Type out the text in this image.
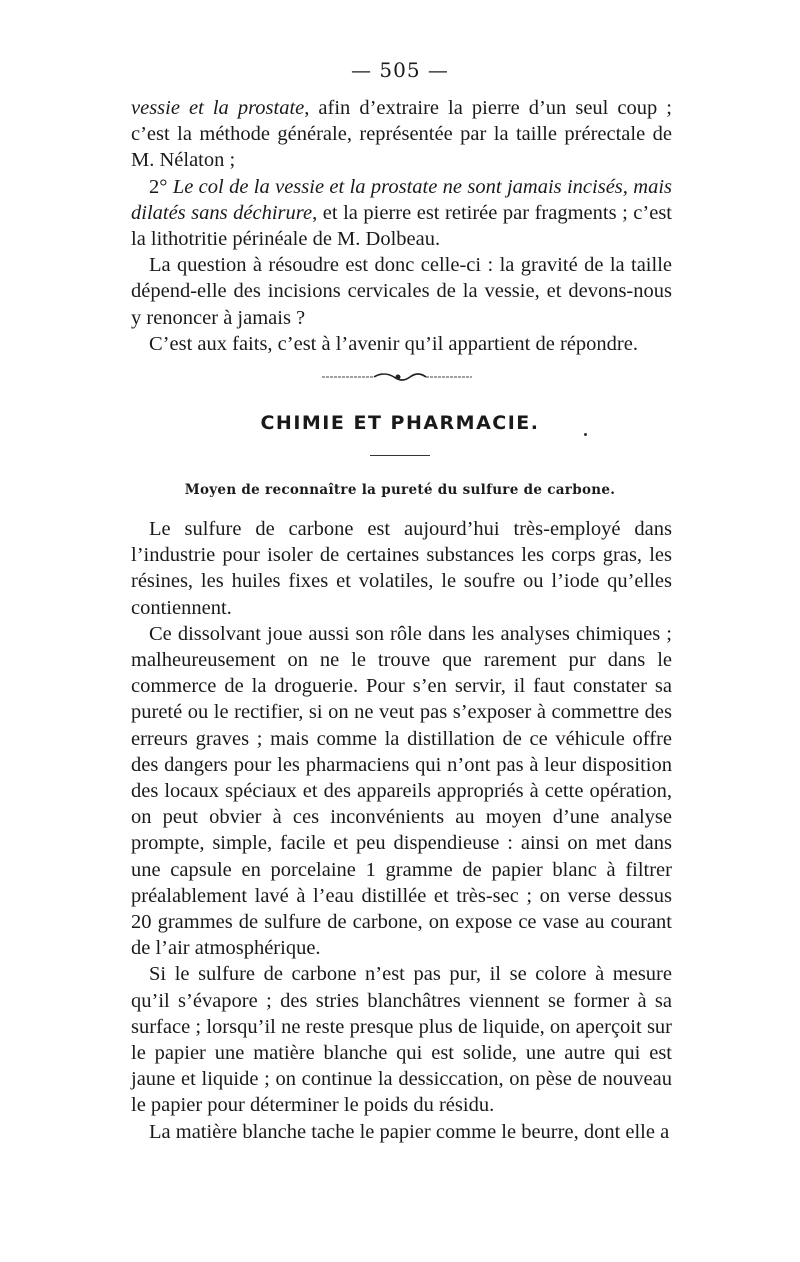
— 505 —

vessie et la prostate, afin d’extraire la pierre d’un seul coup ; c’est la méthode générale, représentée par la taille prérectale de M. Nélaton ;

2° Le col de la vessie et la prostate ne sont jamais incisés, mais dilatés sans déchirure, et la pierre est retirée par fragments ; c’est la lithotritie périnéale de M. Dolbeau.

La question à résoudre est donc celle-ci : la gravité de la taille dépend-elle des incisions cervicales de la vessie, et devons-nous y renoncer à jamais ?

C’est aux faits, c’est à l’avenir qu’il appartient de répondre.

CHIMIE ET PHARMACIE.
Moyen de reconnaître la pureté du sulfure de carbone.

Le sulfure de carbone est aujourd’hui très-employé dans l’industrie pour isoler de certaines substances les corps gras, les résines, les huiles fixes et volatiles, le soufre ou l’iode qu’elles contiennent.

Ce dissolvant joue aussi son rôle dans les analyses chimiques ; malheureusement on ne le trouve que rarement pur dans le commerce de la droguerie. Pour s’en servir, il faut constater sa pureté ou le rectifier, si on ne veut pas s’exposer à commettre des erreurs graves ; mais comme la distillation de ce véhicule offre des dangers pour les pharmaciens qui n’ont pas à leur disposition des locaux spéciaux et des appareils appropriés à cette opération, on peut obvier à ces inconvénients au moyen d’une analyse prompte, simple, facile et peu dispendieuse : ainsi on met dans une capsule en porcelaine 1 gramme de papier blanc à filtrer préalablement lavé à l’eau distillée et très-sec ; on verse dessus 20 grammes de sulfure de carbone, on expose ce vase au courant de l’air atmosphérique.

Si le sulfure de carbone n’est pas pur, il se colore à mesure qu’il s’évapore ; des stries blanchâtres viennent se former à sa surface ; lorsqu’il ne reste presque plus de liquide, on aperçoit sur le papier une matière blanche qui est solide, une autre qui est jaune et liquide ; on continue la dessiccation, on pèse de nouveau le papier pour déterminer le poids du résidu.

La matière blanche tache le papier comme le beurre, dont elle a
